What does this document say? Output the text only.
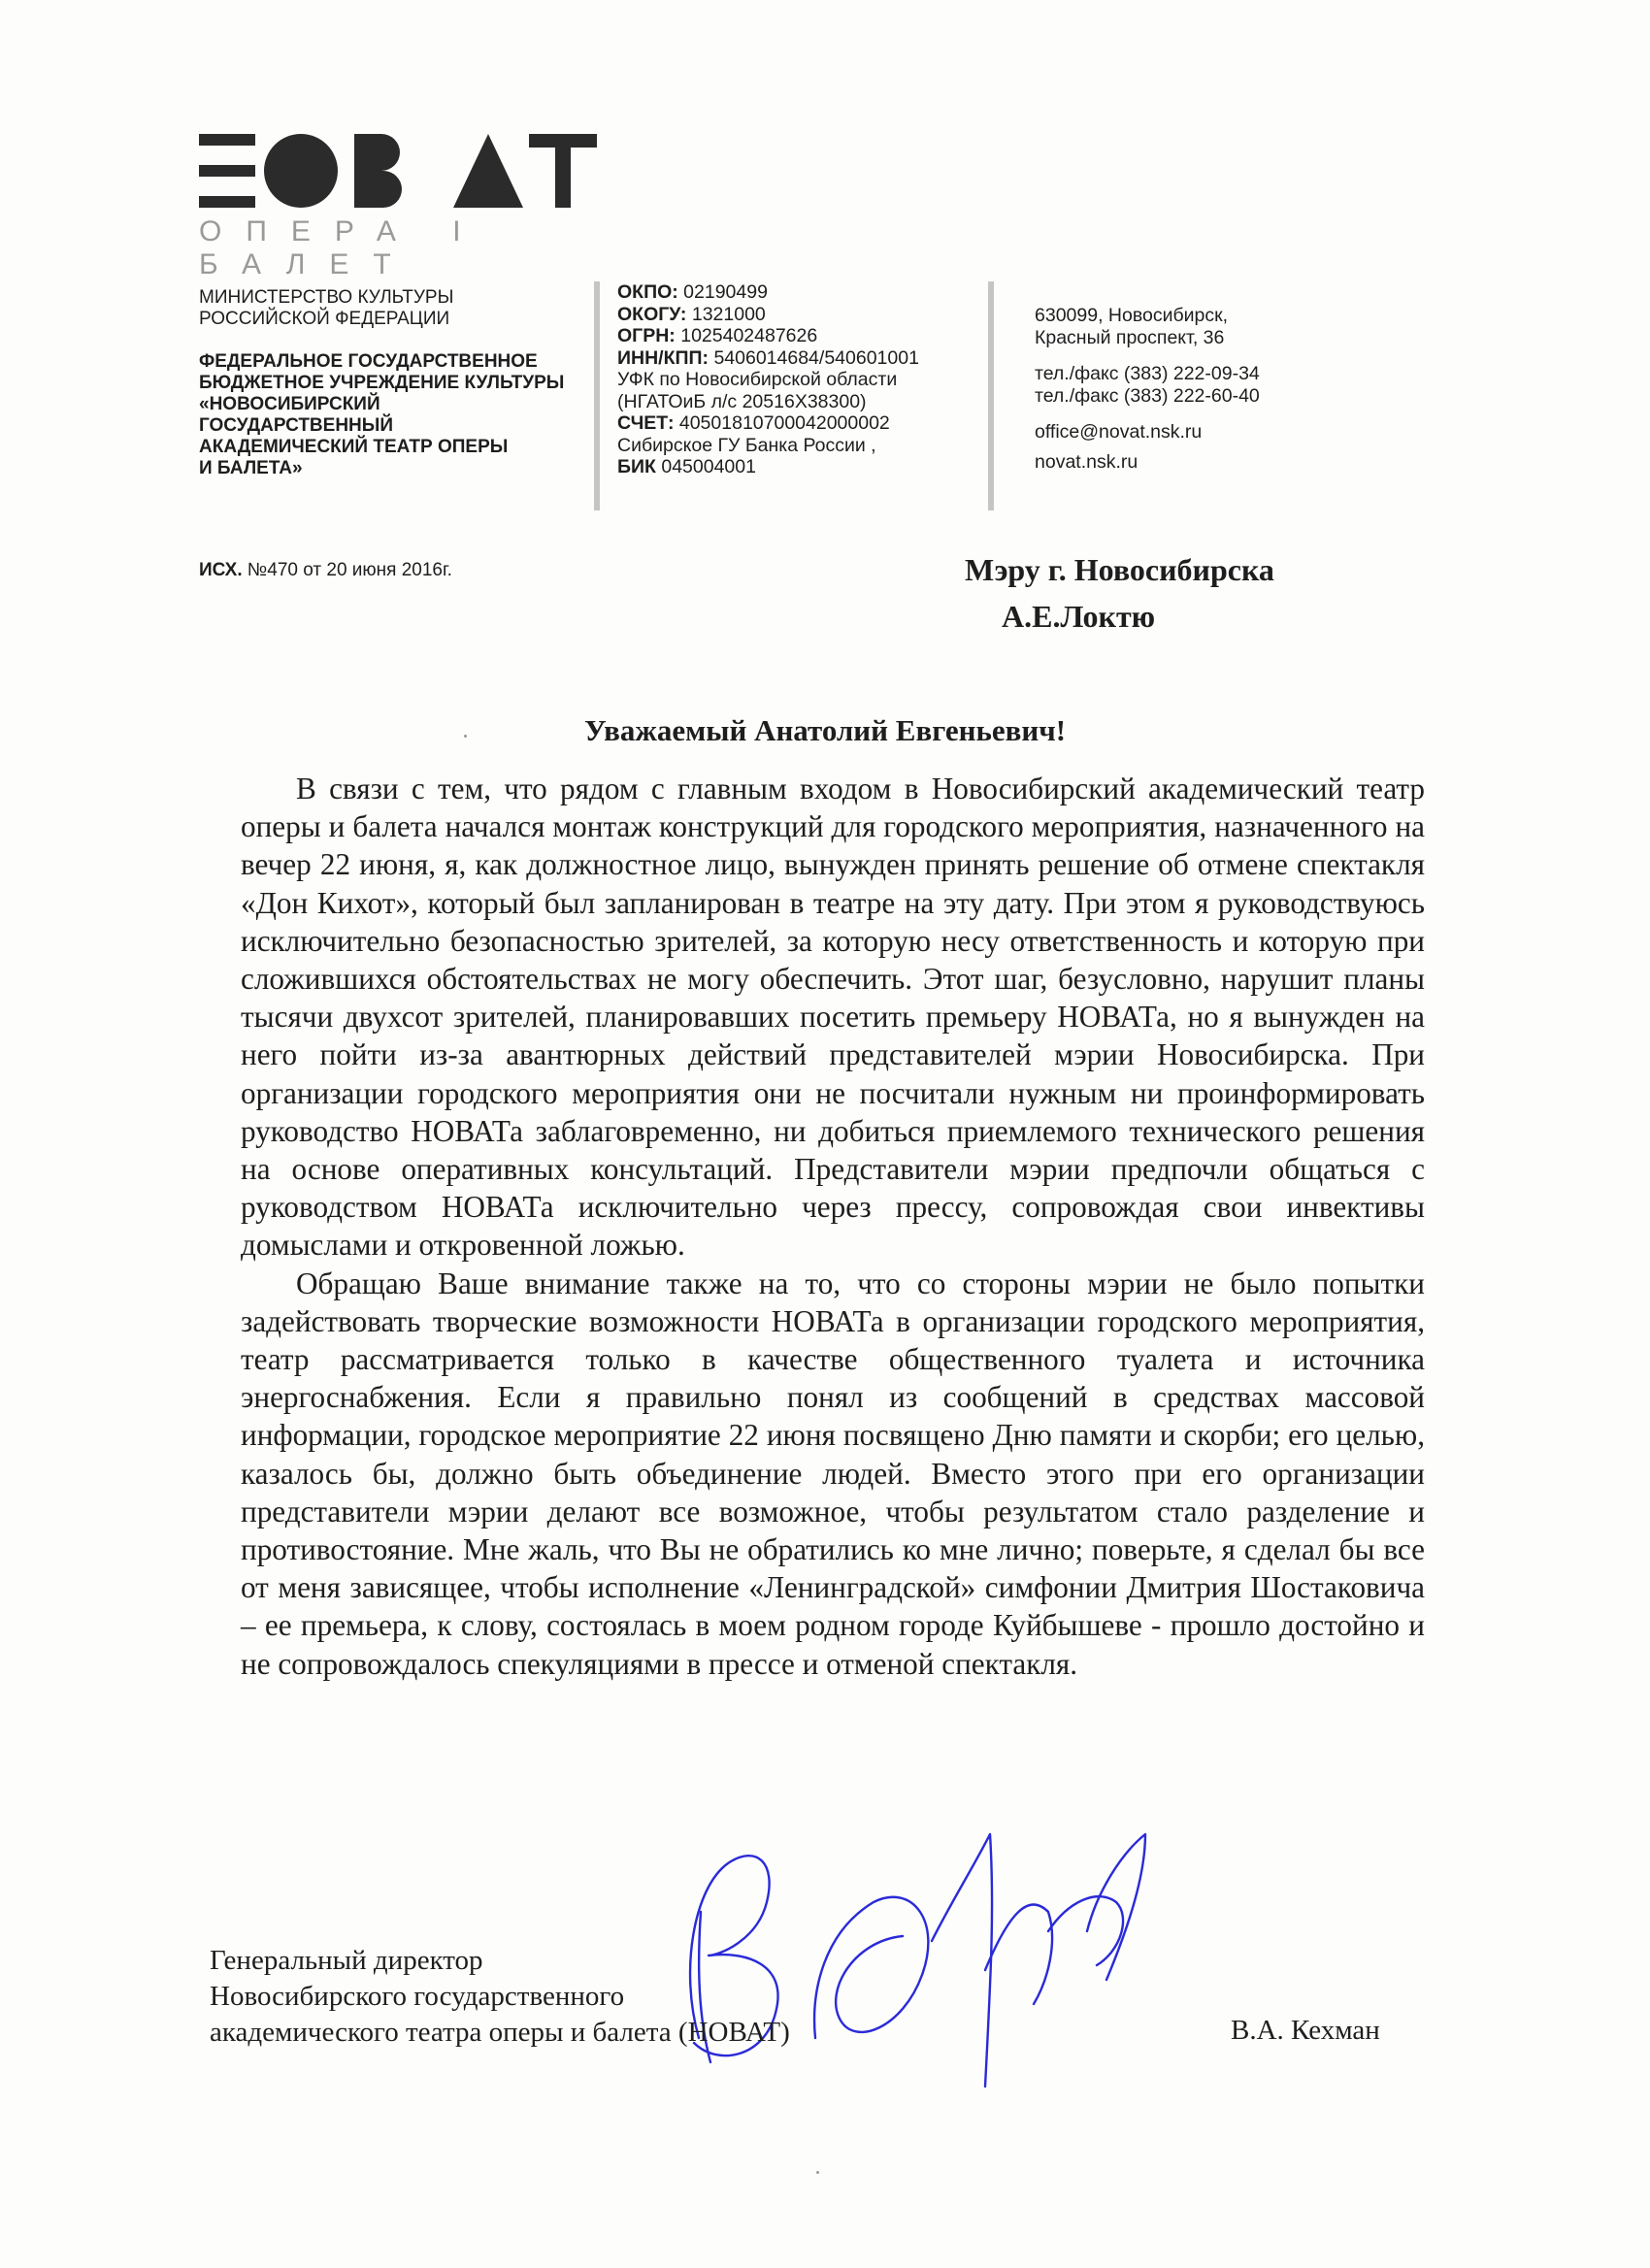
ОПЕРА І БАЛЕТ
МИНИСТЕРСТВО КУЛЬТУРЫ
РОССИЙСКОЙ ФЕДЕРАЦИИ
ФЕДЕРАЛЬНОЕ ГОСУДАРСТВЕННОЕ
БЮДЖЕТНОЕ УЧРЕЖДЕНИЕ КУЛЬТУРЫ
«НОВОСИБИРСКИЙ
ГОСУДАРСТВЕННЫЙ
АКАДЕМИЧЕСКИЙ ТЕАТР ОПЕРЫ
И БАЛЕТА»
ОКПО: 02190499
ОКОГУ: 1321000
ОГРН: 1025402487626
ИНН/КПП: 5406014684/540601001
УФК по Новосибирской области
(НГАТОиБ л/с 20516Х38300)
СЧЕТ: 40501810700042000002
Сибирское ГУ Банка России ,
БИК 045004001
630099, Новосибирск,
Красный проспект, 36
тел./факс (383) 222-09-34
тел./факс (383) 222-60-40
office@novat.nsk.ru
novat.nsk.ru
ИСХ. №470 от 20 июня 2016г.	Мэру г. Новосибирска
А.Е.Локтю
Уважаемый Анатолий Евгеньевич!

В связи с тем, что рядом с главным входом в Новосибирский академический театр оперы и балета начался монтаж конструкций для городского мероприятия, назначенного на вечер 22 июня, я, как должностное лицо, вынужден принять решение об отмене спектакля «Дон Кихот», который был запланирован в театре на эту дату. При этом я руководствуюсь исключительно безопасностью зрителей, за которую несу ответственность и которую при сложившихся обстоятельствах не могу обеспечить. Этот шаг, безусловно, нарушит планы тысячи двухсот зрителей, планировавших посетить премьеру НОВАТа, но я вынужден на него пойти из-за авантюрных действий представителей мэрии Новосибирска. При организации городского мероприятия они не посчитали нужным ни проинформировать руководство НОВАТа заблаговременно, ни добиться приемлемого технического решения на основе оперативных консультаций. Представители мэрии предпочли общаться с руководством НОВАТа исключительно через прессу, сопровождая свои инвективы домыслами и откровенной ложью.

Обращаю Ваше внимание также на то, что со стороны мэрии не было попытки задействовать творческие возможности НОВАТа в организации городского мероприятия, театр рассматривается только в качестве общественного туалета и источника энергоснабжения. Если я правильно понял из сообщений в средствах массовой информации, городское мероприятие 22 июня посвящено Дню памяти и скорби; его целью, казалось бы, должно быть объединение людей. Вместо этого при его организации представители мэрии делают все возможное, чтобы результатом стало разделение и противостояние. Мне жаль, что Вы не обратились ко мне лично; поверьте, я сделал бы все от меня зависящее, чтобы исполнение «Ленинградской» симфонии Дмитрия Шостаковича – ее премьера, к слову, состоялась в моем родном городе Куйбышеве - прошло достойно и не сопровождалось спекуляциями в прессе и отменой спектакля.

Генеральный директор
Новосибирского государственного
академического театра оперы и балета (НОВАТ)	В.А. Кехман
